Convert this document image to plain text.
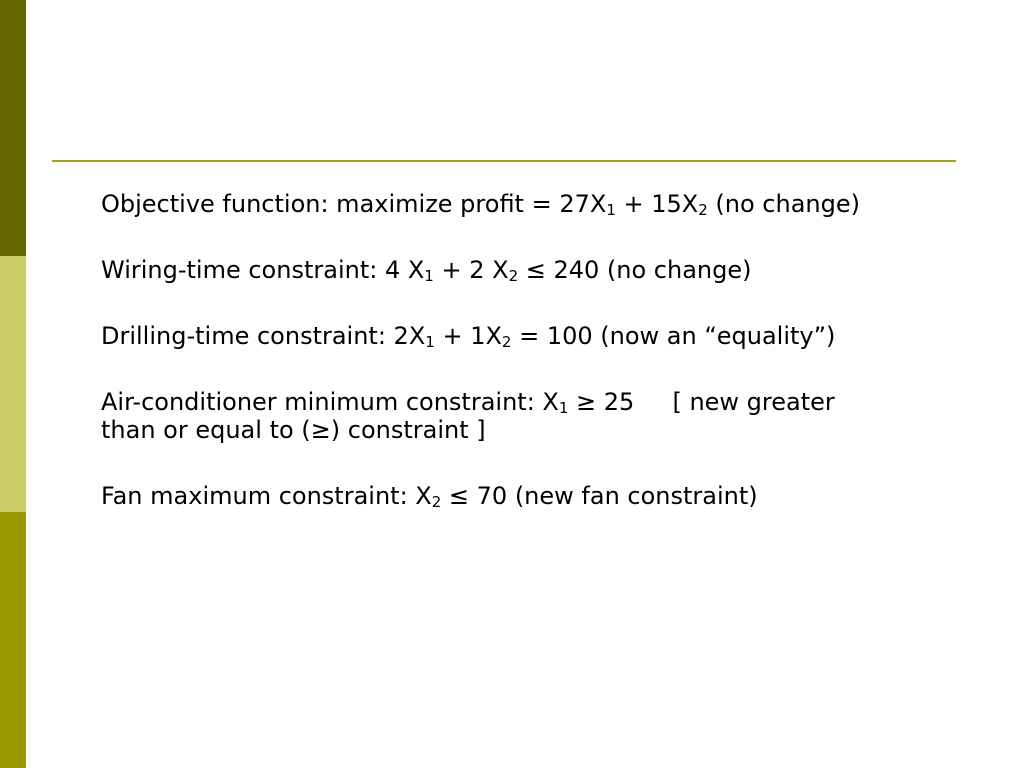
Objective function: maximize profit = $27X_1 + 15X_2$ (no change)

Wiring-time constraint: 4 $X_1 + 2$ $X_2 \le 240$ (no change)

Drilling-time constraint: $2X_1 + 1X_2 = 100$ (now an “equality”)

Air-conditioner minimum constraint: $X_1 \ge 25$     [ new greater than or equal to (≥) constraint ]

Fan maximum constraint: $X_2 \le 70$ (new fan constraint)
